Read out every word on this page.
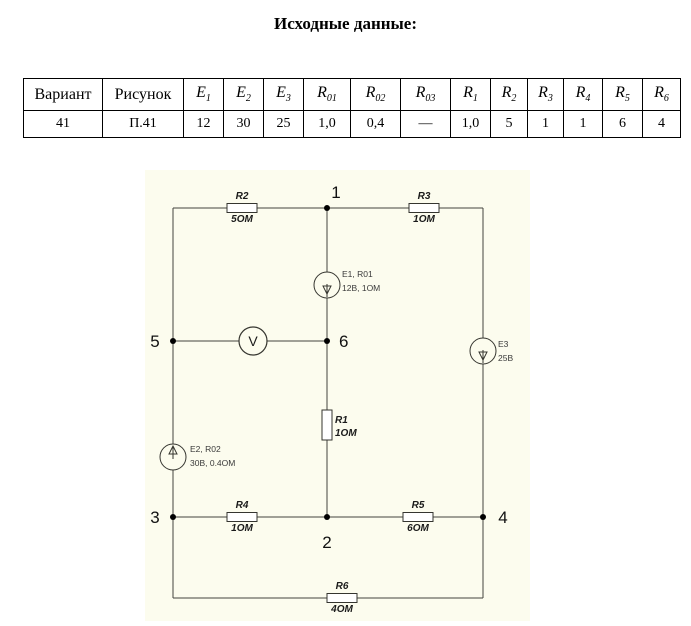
Исходные данные:
Вариант	Рисунок	$E_1$	$E_2$	$E_3$	$R_{01}$	$R_{02}$	$R_{03}$	$R_1$	$R_2$	$R_3$	$R_4$	$R_5$	$R_6$
41	П.41	12	30	25	1,0	0,4	—	1,0	5	1	1	6	4
R2
5ОМ
R3
1ОМ
R1
1ОМ
R4
1ОМ
R5
6ОМ
R6
4ОМ
E1, R01
12В, 1ОМ
E2, R02
30В, 0.4ОМ
E3
25В
V
1
5	6
3
2
4
